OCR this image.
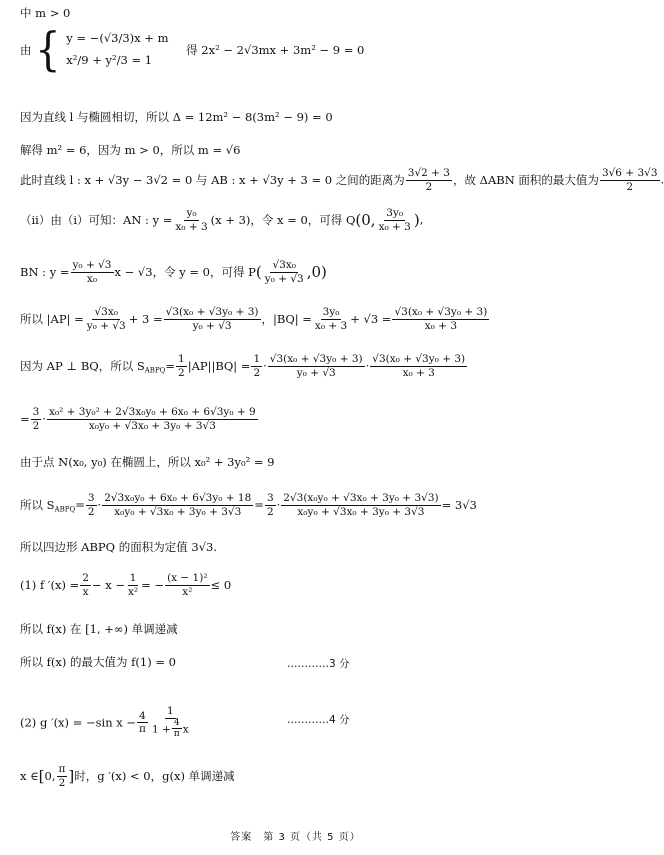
中 m > 0
由 { y = −(√3/3)x + m
x²/9 + y²/3 = 1
得 2x² − 2√3mx + 3m² − 9 = 0
因为直线 l 与椭圆相切，所以 Δ = 12m² − 8(3m² − 9) = 0
解得 m² = 6，因为 m > 0，所以 m = √6
此时直线 l : x + √3y − 3√2 = 0 与 AB : x + √3y + 3 = 0 之间的距离为 $\frac{3√2 + 3}{2}$ ，故 ΔABN 面积的最大值为 $\frac{3√6 + 3√3}{2}$ .
（ii）由（i）可知：AN : $y = \frac{\text{y₀}}{\text{x₀ + 3}} (x + 3)$，令 x = 0，可得 Q(0, $\frac{\text{3y₀}}{\text{x₀ + 3}}$ ),
BN : $y = \frac{\text{y₀ + √3}}{\text{x₀}}$ x − √3，令 y = 0，可得 $P( \frac{\text{√3x₀}}{\text{y₀ + √3}} ,0)$
所以 $|AP| = \frac{\text{√3x₀}}{\text{y₀ + √3}} + 3 = \frac{\text{√3(x₀ + √3y₀ + 3)}}{\text{y₀ + √3}}$ ，$|BQ| = \frac{\text{3y₀}}{\text{x₀ + 3}} + √3 = \frac{\text{√3(x₀ + √3y₀ + 3)}}{\text{x₀ + 3}}$
因为 AP ⊥ BQ，所以 $S_{ABPQ}= \frac{1}{2} |AP||BQ| = \frac{1}{2} \cdot \frac{\text{√3(x₀ + √3y₀ + 3)}}{\text{y₀ + √3}} \cdot \frac{\text{√3(x₀ + √3y₀ + 3)}}{\text{x₀ + 3}}$
= $\frac{3}{2} \cdot \frac{\text{x₀² + 3y₀² + 2√3x₀y₀ + 6x₀ + 6√3y₀ + 9}}{\text{x₀y₀ + √3x₀ + 3y₀ + 3√3}}$
由于点 N(x₀, y₀) 在椭圆上，所以 x₀² + 3y₀² = 9
所以 $S_{ABPQ}= \frac{3}{2} \cdot \frac{\text{2√3x₀y₀ + 6x₀ + 6√3y₀ + 18}}{\text{x₀y₀ + √3x₀ + 3y₀ + 3√3}} = \frac{3}{2} \cdot \frac{\text{2√3(x₀y₀ + √3x₀ + 3y₀ + 3√3)}}{\text{x₀y₀ + √3x₀ + 3y₀ + 3√3}} = 3√3$
所以四边形 ABPQ 的面积为定值 3√3.
(1) f $'(x) = \frac{2}{x} - x - \frac{1}{\text{x²}}$ = − $\frac{\text{(x − 1)²}}{\text{x²}} \le 0$
所以 f(x) 在 [1, +∞) 单调递减
所以 f(x) 的最大值为 f(1) = 0	…………3 分
(2) g ′(x) = −sin $x - \frac{4}{\pi} \frac{1}{1 + \frac{4}{\pi} x}$	…………4 分
x ∈[0, $\frac{\pi}{2}$ ]时，g ′(x) < 0，g(x) 单调递减
答案　第 3 页（共 5 页）
